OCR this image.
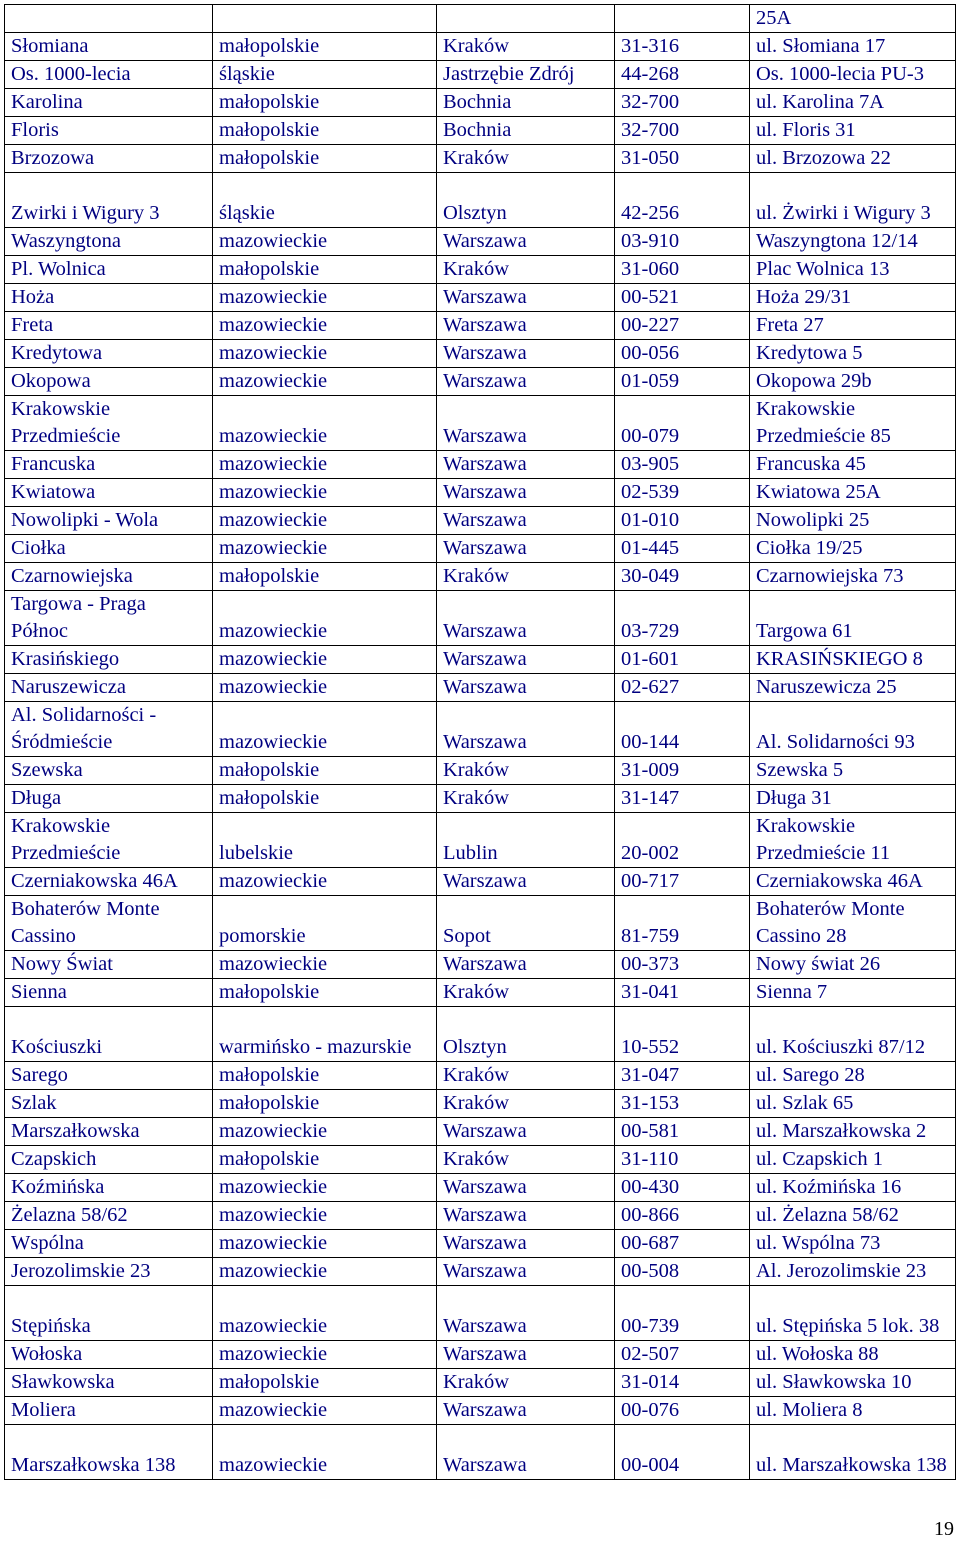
				25A
Słomiana	małopolskie	Kraków	31-316	ul. Słomiana 17
Os. 1000-lecia	śląskie	Jastrzębie Zdrój	44-268	Os. 1000-lecia PU-3
Karolina	małopolskie	Bochnia	32-700	ul. Karolina 7A
Floris	małopolskie	Bochnia	32-700	ul. Floris 31
Brzozowa	małopolskie	Kraków	31-050	ul. Brzozowa 22
Zwirki i Wigury 3	śląskie	Olsztyn	42-256	ul. Żwirki i Wigury 3
Waszyngtona	mazowieckie	Warszawa	03-910	Waszyngtona 12/14
Pl. Wolnica	małopolskie	Kraków	31-060	Plac Wolnica 13
Hoża	mazowieckie	Warszawa	00-521	Hoża 29/31
Freta	mazowieckie	Warszawa	00-227	Freta 27
Kredytowa	mazowieckie	Warszawa	00-056	Kredytowa 5
Okopowa	mazowieckie	Warszawa	01-059	Okopowa 29b
Krakowskie Przedmieście	mazowieckie	Warszawa	00-079	Krakowskie Przedmieście 85
Francuska	mazowieckie	Warszawa	03-905	Francuska 45
Kwiatowa	mazowieckie	Warszawa	02-539	Kwiatowa 25A
Nowolipki - Wola	mazowieckie	Warszawa	01-010	Nowolipki 25
Ciołka	mazowieckie	Warszawa	01-445	Ciołka 19/25
Czarnowiejska	małopolskie	Kraków	30-049	Czarnowiejska 73
Targowa - Praga Północ	mazowieckie	Warszawa	03-729	Targowa 61
Krasińskiego	mazowieckie	Warszawa	01-601	KRASIŃSKIEGO 8
Naruszewicza	mazowieckie	Warszawa	02-627	Naruszewicza 25
Al. Solidarności - Śródmieście	mazowieckie	Warszawa	00-144	Al. Solidarności 93
Szewska	małopolskie	Kraków	31-009	Szewska 5
Długa	małopolskie	Kraków	31-147	Długa 31
Krakowskie Przedmieście	lubelskie	Lublin	20-002	Krakowskie Przedmieście 11
Czerniakowska 46A	mazowieckie	Warszawa	00-717	Czerniakowska 46A
Bohaterów Monte Cassino	pomorskie	Sopot	81-759	Bohaterów Monte Cassino 28
Nowy Świat	mazowieckie	Warszawa	00-373	Nowy świat 26
Sienna	małopolskie	Kraków	31-041	Sienna 7
Kościuszki	warmińsko - mazurskie	Olsztyn	10-552	ul. Kościuszki 87/12
Sarego	małopolskie	Kraków	31-047	ul. Sarego 28
Szlak	małopolskie	Kraków	31-153	ul. Szlak 65
Marszałkowska	mazowieckie	Warszawa	00-581	ul. Marszałkowska 2
Czapskich	małopolskie	Kraków	31-110	ul. Czapskich 1
Koźmińska	mazowieckie	Warszawa	00-430	ul. Koźmińska 16
Żelazna 58/62	mazowieckie	Warszawa	00-866	ul. Żelazna 58/62
Wspólna	mazowieckie	Warszawa	00-687	ul. Wspólna 73
Jerozolimskie 23	mazowieckie	Warszawa	00-508	Al. Jerozolimskie 23
Stępińska	mazowieckie	Warszawa	00-739	ul. Stępińska 5 lok. 38
Wołoska	mazowieckie	Warszawa	02-507	ul. Wołoska 88
Sławkowska	małopolskie	Kraków	31-014	ul. Sławkowska 10
Moliera	mazowieckie	Warszawa	00-076	ul. Moliera 8
Marszałkowska 138	mazowieckie	Warszawa	00-004	ul. Marszałkowska 138
19
